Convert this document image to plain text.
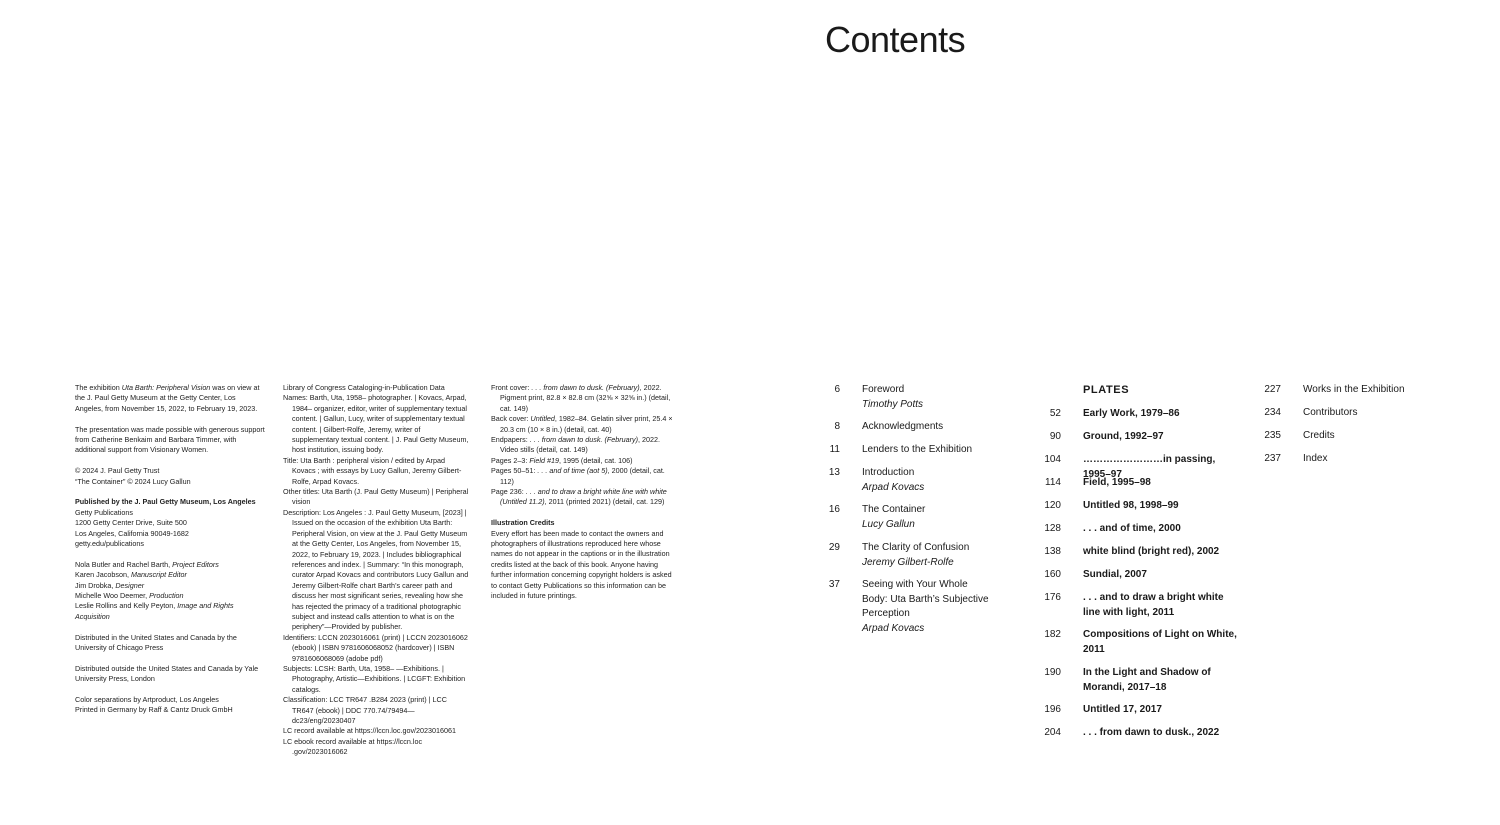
The exhibition Uta Barth: Peripheral Vision was on view at the J. Paul Getty Museum at the Getty Center, Los Angeles, from November 15, 2022, to February 19, 2023.

The presentation was made possible with generous support from Catherine Benkaim and Barbara Timmer, with additional support from Visionary Women.

© 2024 J. Paul Getty Trust
“The Container” © 2024 Lucy Gallun
Published by the J. Paul Getty Museum, Los Angeles
Getty Publications
1200 Getty Center Drive, Suite 500
Los Angeles, California 90049-1682
getty.edu/publications
Nola Butler and Rachel Barth, Project Editors
Karen Jacobson, Manuscript Editor
Jim Drobka, Designer
Michelle Woo Deemer, Production
Leslie Rollins and Kelly Peyton, Image and Rights Acquisition

Distributed in the United States and Canada by the University of Chicago Press

Distributed outside the United States and Canada by Yale University Press, London

Color separations by Artproduct, Los Angeles
Printed in Germany by Raff & Cantz Druck GmbH
Library of Congress Cataloging-in-Publication Data
Names: Barth, Uta, 1958– photographer. | Kovacs, Arpad, 1984– organizer, editor, writer of supplementary textual content. | Gallun, Lucy, writer of supplementary textual content. | Gilbert-Rolfe, Jeremy, writer of supplementary textual content. | J. Paul Getty Museum, host institution, issuing body.
Title: Uta Barth : peripheral vision / edited by Arpad Kovacs ; with essays by Lucy Gallun, Jeremy Gilbert-Rolfe, Arpad Kovacs.
Other titles: Uta Barth (J. Paul Getty Museum) | Peripheral vision
Description: Los Angeles : J. Paul Getty Museum, [2023] | Issued on the occasion of the exhibition Uta Barth: Peripheral Vision, on view at the J. Paul Getty Museum at the Getty Center, Los Angeles, from November 15, 2022, to February 19, 2023. | Includes bibliographical references and index. | Summary: “In this monograph, curator Arpad Kovacs and contributors Lucy Gallun and Jeremy Gilbert-Rolfe chart Barth’s career path and discuss her most significant series, revealing how she has rejected the primacy of a traditional photographic subject and instead calls attention to what is on the periphery”—Provided by publisher.
Identifiers: LCCN 2023016061 (print) | LCCN 2023016062 (ebook) | ISBN 9781606068052 (hardcover) | ISBN 9781606068069 (adobe pdf)
Subjects: LCSH: Barth, Uta, 1958– —Exhibitions. | Photography, Artistic—Exhibitions. | LCGFT: Exhibition catalogs.
Classification: LCC TR647 .B284 2023 (print) | LCC TR647 (ebook) | DDC 770.74/79494—dc23/eng/20230407
LC record available at https://lccn.loc.gov/2023016061
LC ebook record available at https://lccn.loc .gov/2023016062
Front cover: . . . from dawn to dusk. (February), 2022. Pigment print, 82.8 × 82.8 cm (32⅝ × 32⅝ in.) (detail, cat. 149)
Back cover: Untitled, 1982–84. Gelatin silver print, 25.4 × 20.3 cm (10 × 8 in.) (detail, cat. 40)
Endpapers: . . . from dawn to dusk. (February), 2022. Video stills (detail, cat. 149)
Pages 2–3: Field #19, 1995 (detail, cat. 106)
Pages 50–51: . . . and of time (aot 5), 2000 (detail, cat. 112)
Page 236: . . . and to draw a bright white line with white (Untitled 11.2), 2011 (printed 2021) (detail, cat. 129)
Illustration Credits
Every effort has been made to contact the owners and photographers of illustrations reproduced here whose names do not appear in the captions or in the illustration credits listed at the back of this book. Anyone having further information concerning copyright holders is asked to contact Getty Publications so this information can be included in future printings.
Contents
6 Foreword
Timothy Potts
8 Acknowledgments
11 Lenders to the Exhibition
13 Introduction
Arpad Kovacs
16 The Container
Lucy Gallun
29 The Clarity of Confusion
Jeremy Gilbert-Rolfe
37 Seeing with Your Whole Body: Uta Barth’s Subjective Perception
Arpad Kovacs
PLATES
52 Early Work, 1979–86
90 Ground, 1992–97
104 ……………………in passing, 1995–97
114 Field, 1995–98
120 Untitled 98, 1998–99
128 . . . and of time, 2000
138 white blind (bright red), 2002
160 Sundial, 2007
176 . . . and to draw a bright white line with light, 2011
182 Compositions of Light on White, 2011
190 In the Light and Shadow of Morandi, 2017–18
196 Untitled 17, 2017
204 . . . from dawn to dusk., 2022
227 Works in the Exhibition
234 Contributors
235 Credits
237 Index
